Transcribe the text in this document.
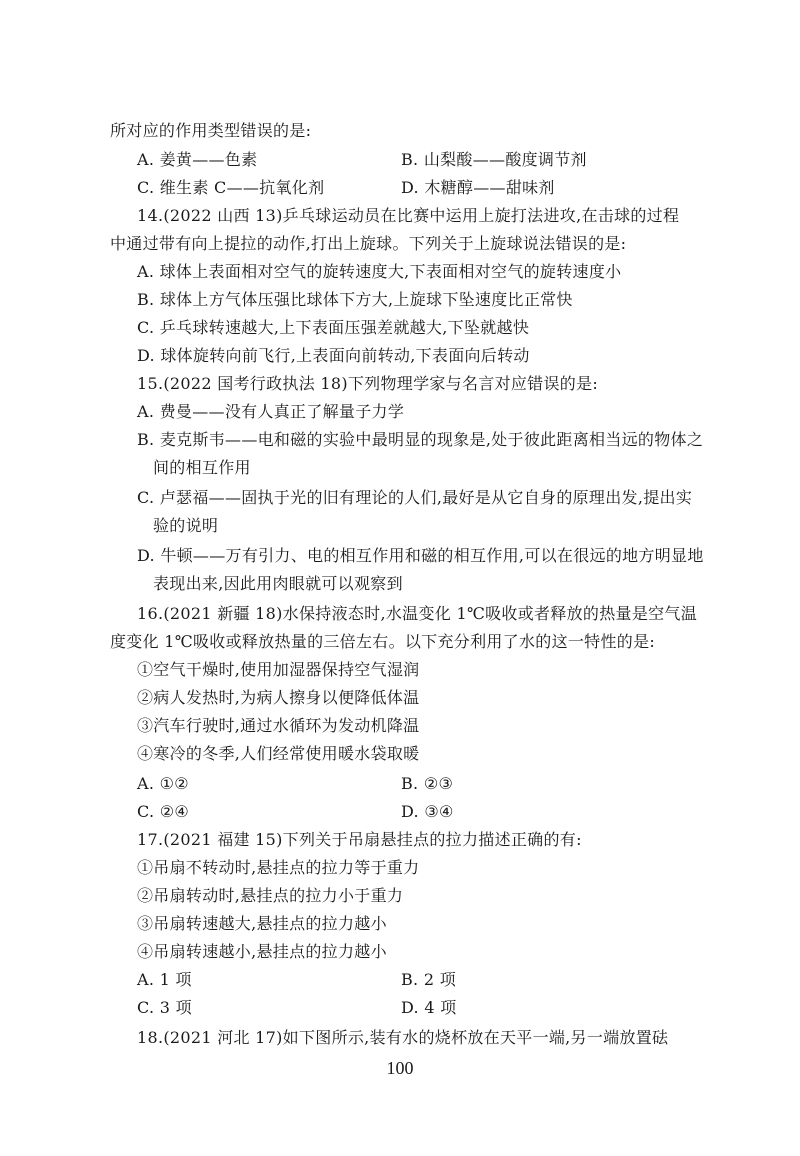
所对应的作用类型错误的是:
A. 姜黄——色素	B. 山梨酸——酸度调节剂
C. 维生素 C——抗氧化剂	D. 木糖醇——甜味剂
14.(2022 山西 13)乒乓球运动员在比赛中运用上旋打法进攻,在击球的过程
中通过带有向上提拉的动作,打出上旋球。下列关于上旋球说法错误的是:
A. 球体上表面相对空气的旋转速度大,下表面相对空气的旋转速度小
B. 球体上方气体压强比球体下方大,上旋球下坠速度比正常快
C. 乒乓球转速越大,上下表面压强差就越大,下坠就越快
D. 球体旋转向前飞行,上表面向前转动,下表面向后转动
15.(2022 国考行政执法 18)下列物理学家与名言对应错误的是:
A. 费曼——没有人真正了解量子力学
B. 麦克斯韦——电和磁的实验中最明显的现象是,处于彼此距离相当远的物体之
间的相互作用
C. 卢瑟福——固执于光的旧有理论的人们,最好是从它自身的原理出发,提出实
验的说明
D. 牛顿——万有引力、电的相互作用和磁的相互作用,可以在很远的地方明显地
表现出来,因此用肉眼就可以观察到
16.(2021 新疆 18)水保持液态时,水温变化 1℃吸收或者释放的热量是空气温
度变化 1℃吸收或释放热量的三倍左右。以下充分利用了水的这一特性的是:
①空气干燥时,使用加湿器保持空气湿润
②病人发热时,为病人擦身以便降低体温
③汽车行驶时,通过水循环为发动机降温
④寒冷的冬季,人们经常使用暖水袋取暖
A. ①②	B. ②③
C. ②④	D. ③④
17.(2021 福建 15)下列关于吊扇悬挂点的拉力描述正确的有:
①吊扇不转动时,悬挂点的拉力等于重力
②吊扇转动时,悬挂点的拉力小于重力
③吊扇转速越大,悬挂点的拉力越小
④吊扇转速越小,悬挂点的拉力越小
A. 1 项	B. 2 项
C. 3 项	D. 4 项
18.(2021 河北 17)如下图所示,装有水的烧杯放在天平一端,另一端放置砝
100
